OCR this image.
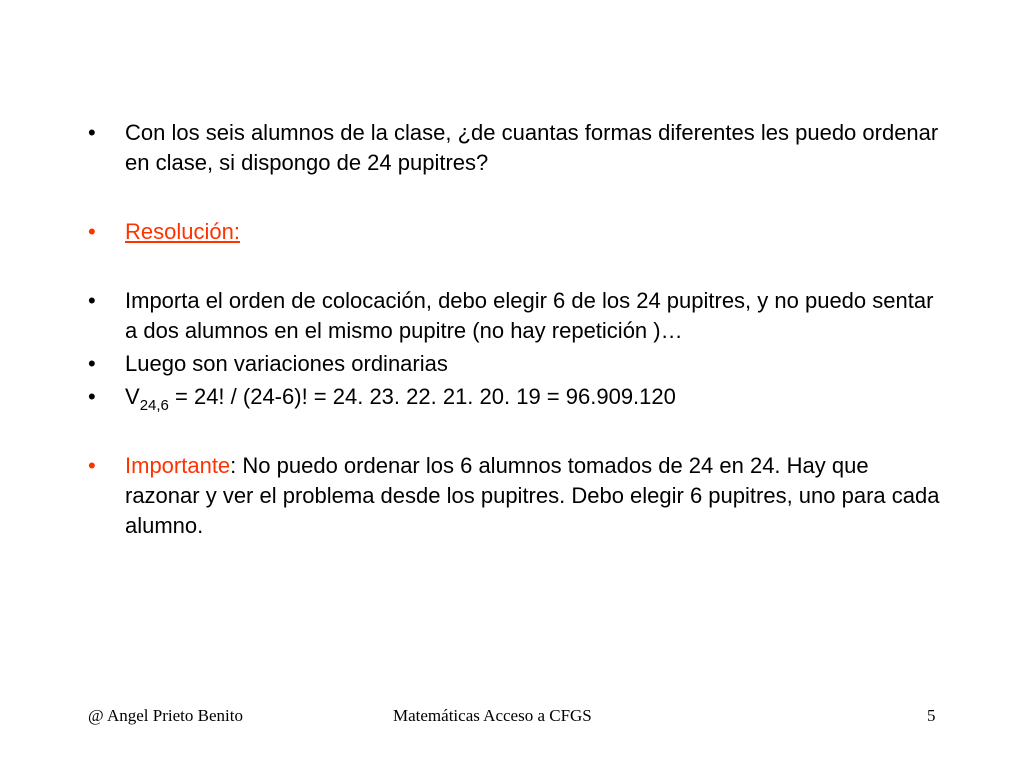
• Con los seis alumnos de la clase, ¿de cuantas formas diferentes les puedo ordenar en clase, si dispongo de 24 pupitres?
• Resolución:
• Importa el orden de colocación, debo elegir 6 de los 24 pupitres, y no puedo sentar a dos alumnos en el mismo pupitre (no hay repetición )…
• Luego son variaciones ordinarias
• $V_{24,6} = 24$! / (24-6)! = 24. 23. 22. 21. 20. 19 = 96.909.120
• Importante: No puedo ordenar los 6 alumnos tomados de 24 en 24. Hay que razonar y ver el problema desde los pupitres. Debo elegir 6 pupitres, uno para cada alumno.
@ Angel Prieto Benito	Matemáticas Acceso a CFGS	5
